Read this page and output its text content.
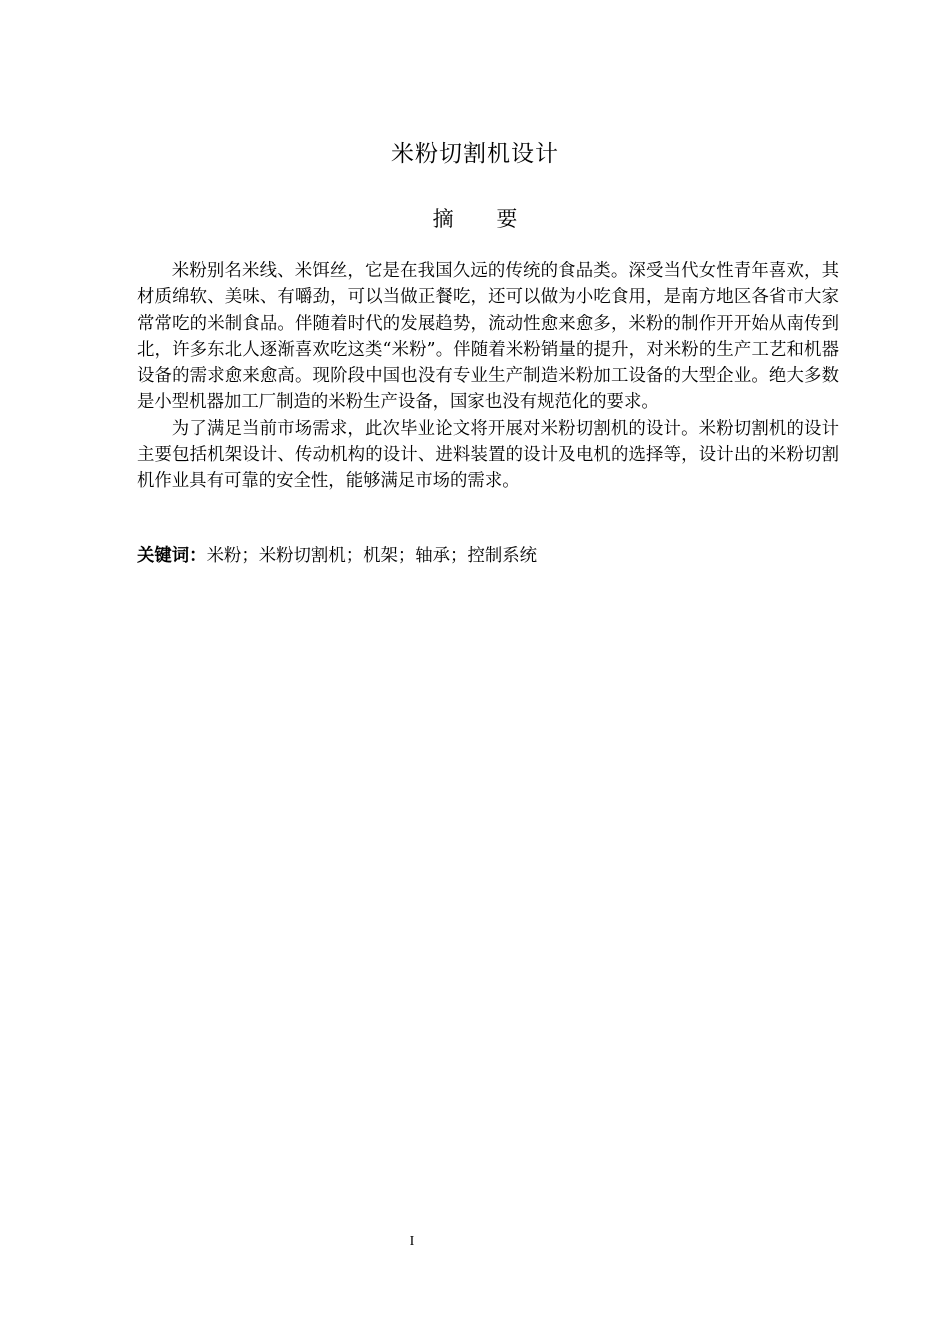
米粉切割机设计
摘 要

米粉别名米线、米饵丝，它是在我国久远的传统的食品类。深受当代女性青年喜欢，其材质绵软、美味、有嚼劲，可以当做正餐吃，还可以做为小吃食用，是南方地区各省市大家常常吃的米制食品。伴随着时代的发展趋势，流动性愈来愈多，米粉的制作开开始从南传到北，许多东北人逐渐喜欢吃这类“米粉”。伴随着米粉销量的提升，对米粉的生产工艺和机器设备的需求愈来愈高。现阶段中国也没有专业生产制造米粉加工设备的大型企业。绝大多数是小型机器加工厂制造的米粉生产设备，国家也没有规范化的要求。

为了满足当前市场需求，此次毕业论文将开展对米粉切割机的设计。米粉切割机的设计主要包括机架设计、传动机构的设计、进料装置的设计及电机的选择等，设计出的米粉切割机作业具有可靠的安全性，能够满足市场的需求。

关键词：米粉；米粉切割机；机架；轴承；控制系统

I
